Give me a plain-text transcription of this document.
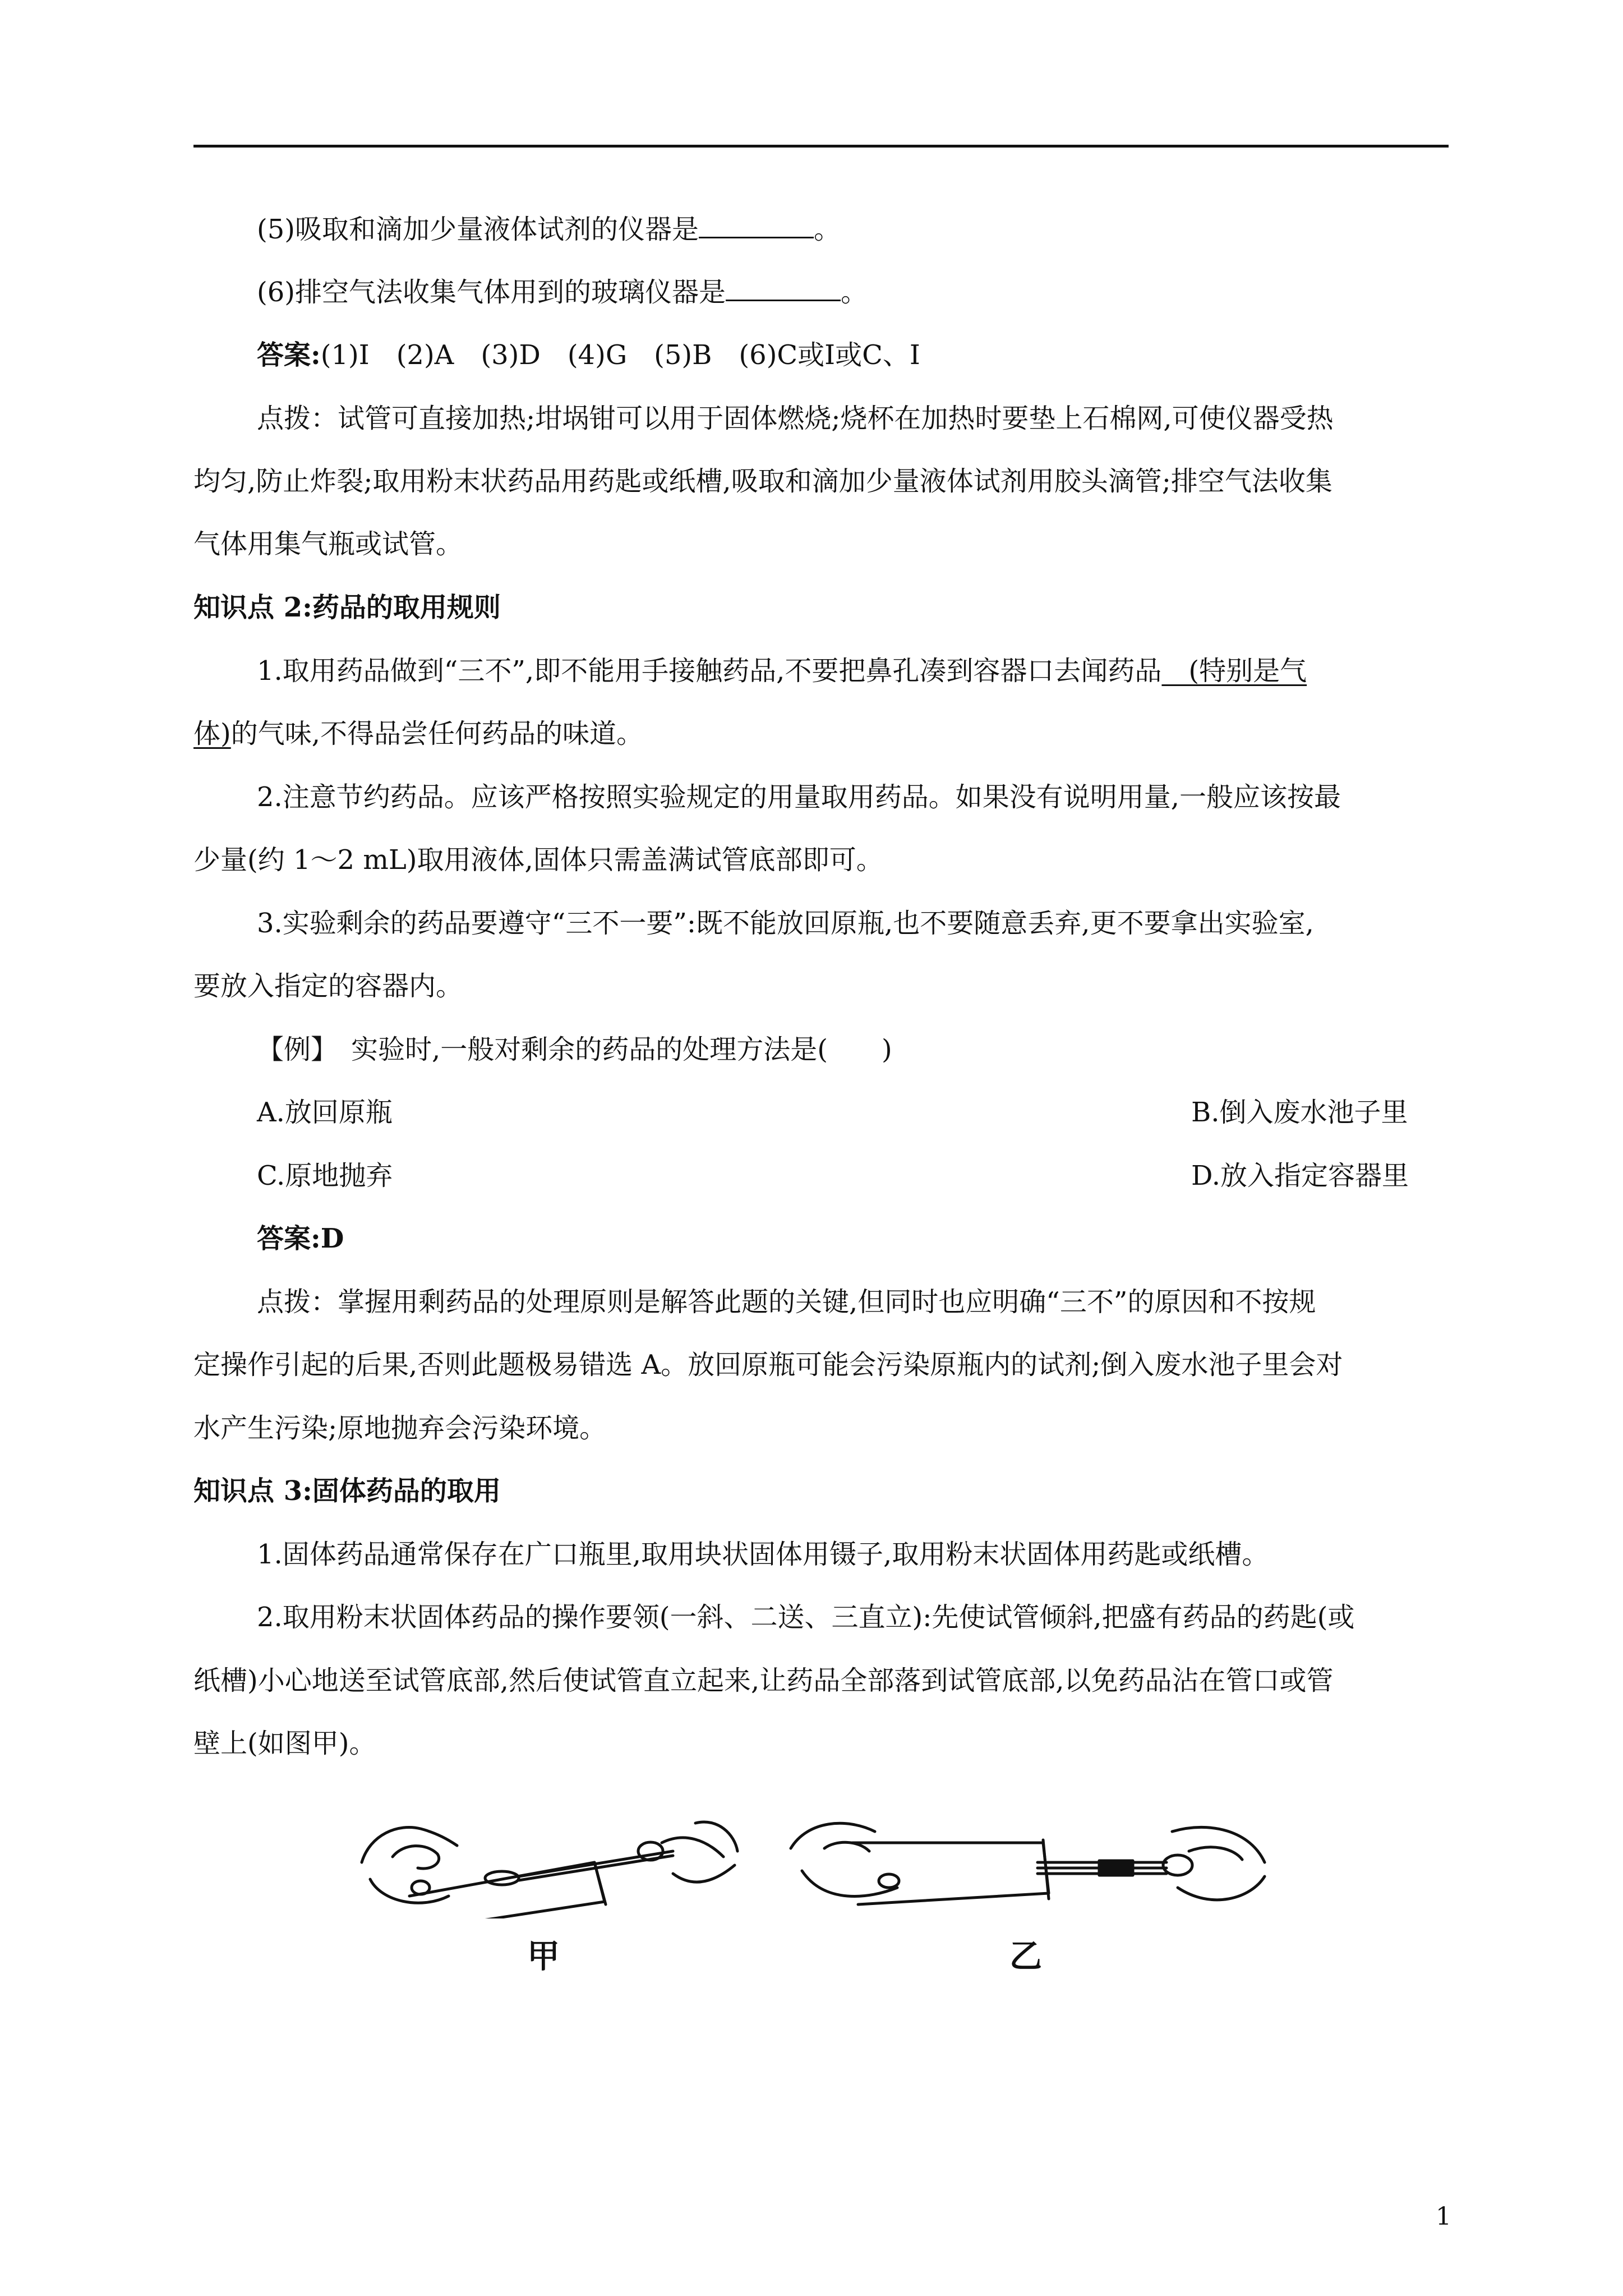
(5)吸取和滴加少量液体试剂的仪器是	。
(6)排空气法收集气体用到的玻璃仪器是	。
答案:(1)I　(2)A　(3)D　(4)G　(5)B　(6)C或I或C、I
点拨：试管可直接加热;坩埚钳可以用于固体燃烧;烧杯在加热时要垫上石棉网,可使仪器受热
均匀,防止炸裂;取用粉末状药品用药匙或纸槽,吸取和滴加少量液体试剂用胶头滴管;排空气法收集
气体用集气瓶或试管。
知识点 2:药品的取用规则
1.取用药品做到“三不”,即不能用手接触药品,不要把鼻孔凑到容器口去闻药品　(特别是气
体)的气味,不得品尝任何药品的味道。
2.注意节约药品。应该严格按照实验规定的用量取用药品。如果没有说明用量,一般应该按最
少量(约 1～2 mL)取用液体,固体只需盖满试管底部即可。
3.实验剩余的药品要遵守“三不一要”:既不能放回原瓶,也不要随意丢弃,更不要拿出实验室,
要放入指定的容器内。
【例】　实验时,一般对剩余的药品的处理方法是(　　)
A.放回原瓶	B.倒入废水池子里
C.原地抛弃	D.放入指定容器里
答案:D
点拨：掌握用剩药品的处理原则是解答此题的关键,但同时也应明确“三不”的原因和不按规
定操作引起的后果,否则此题极易错选 A。放回原瓶可能会污染原瓶内的试剂;倒入废水池子里会对
水产生污染;原地抛弃会污染环境。
知识点 3:固体药品的取用
1.固体药品通常保存在广口瓶里,取用块状固体用镊子,取用粉末状固体用药匙或纸槽。
2.取用粉末状固体药品的操作要领(一斜、二送、三直立):先使试管倾斜,把盛有药品的药匙(或
纸槽)小心地送至试管底部,然后使试管直立起来,让药品全部落到试管底部,以免药品沾在管口或管
壁上(如图甲)。
甲	乙
1
